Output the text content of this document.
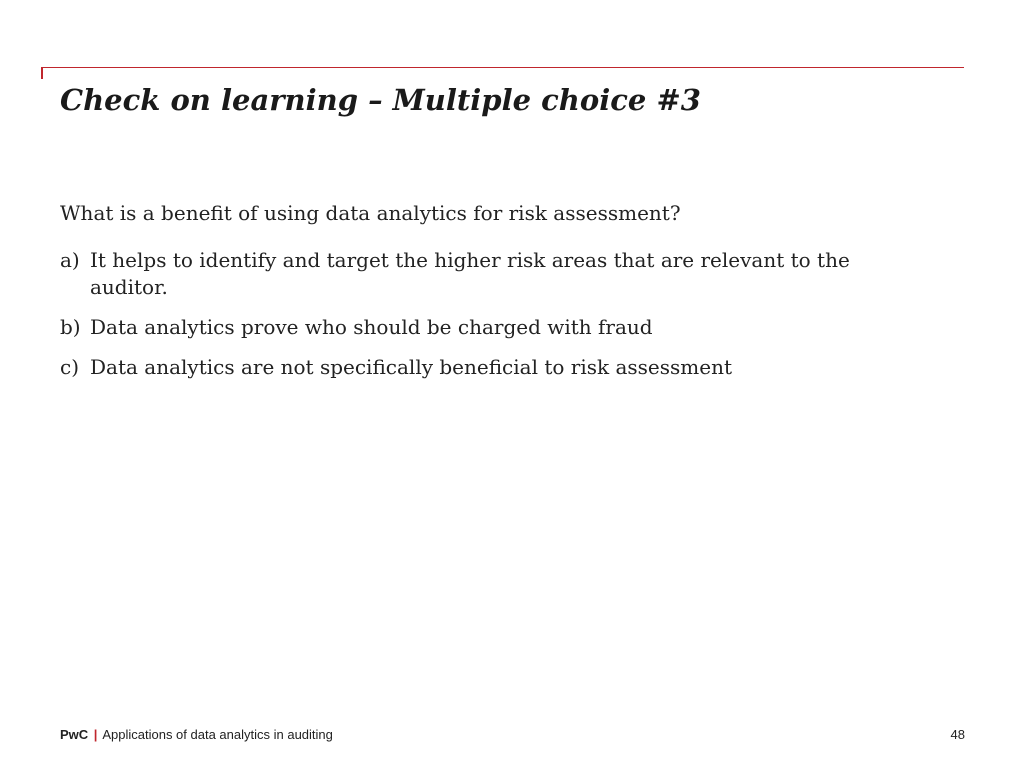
Check on learning – Multiple choice #3
What is a benefit of using data analytics for risk assessment?
a) It helps to identify and target the higher risk areas that are relevant to the auditor.
b) Data analytics prove who should be charged with fraud
c) Data analytics are not specifically beneficial to risk assessment
PwC | Applications of data analytics in auditing	48
